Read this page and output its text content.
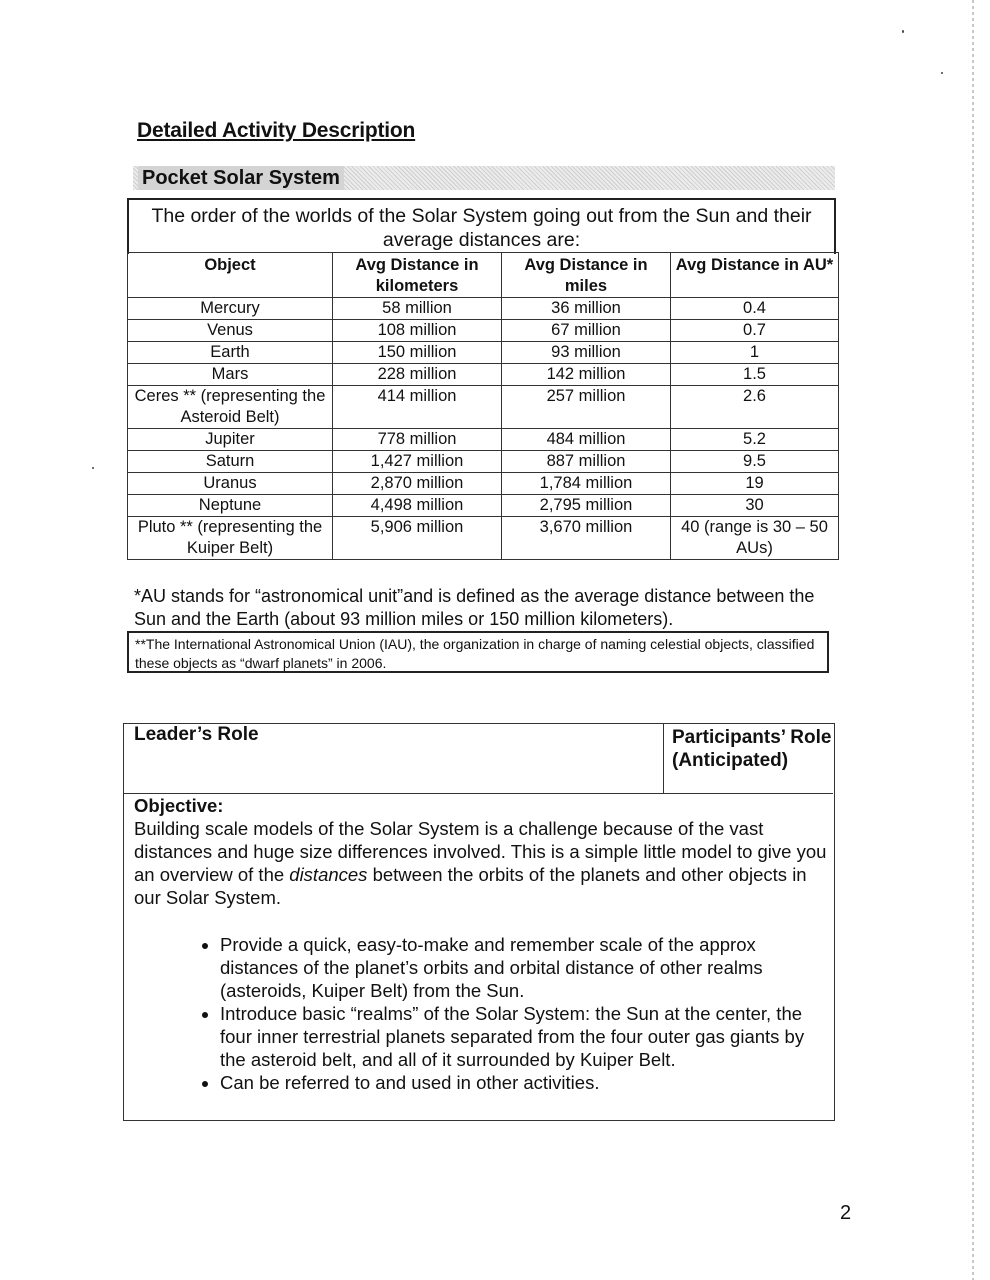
Detailed Activity Description
Pocket Solar System
The order of the worlds of the Solar System going out from the Sun and their average distances are:
Object	Avg Distance in kilometers	Avg Distance in miles	Avg Distance in AU*
Mercury	58 million	36 million	0.4
Venus	108 million	67 million	0.7
Earth	150 million	93 million	1
Mars	228 million	142 million	1.5
Ceres ** (representing the Asteroid Belt)	414 million	257 million	2.6
Jupiter	778 million	484 million	5.2
Saturn	1,427 million	887 million	9.5
Uranus	2,870 million	1,784 million	19
Neptune	4,498 million	2,795 million	30
Pluto ** (representing the Kuiper Belt)	5,906 million	3,670 million	40 (range is 30 – 50 AUs)
*AU stands for “astronomical unit”and is defined as the average distance between the Sun and the Earth (about 93 million miles or 150 million kilometers).
**The International Astronomical Union (IAU), the organization in charge of naming celestial objects, classified these objects as “dwarf planets” in 2006.
Leader’s Role	Participants’ Role (Anticipated)

Objective:

Building scale models of the Solar System is a challenge because of the vast distances and huge size differences involved. This is a simple little model to give you an overview of the distances between the orbits of the planets and other objects in our Solar System.

• Provide a quick, easy-to-make and remember scale of the approx distances of the planet’s orbits and orbital distance of other realms (asteroids, Kuiper Belt) from the Sun.
• Introduce basic “realms” of the Solar System: the Sun at the center, the four inner terrestrial planets separated from the four outer gas giants by the asteroid belt, and all of it surrounded by Kuiper Belt.
• Can be referred to and used in other activities.
2
